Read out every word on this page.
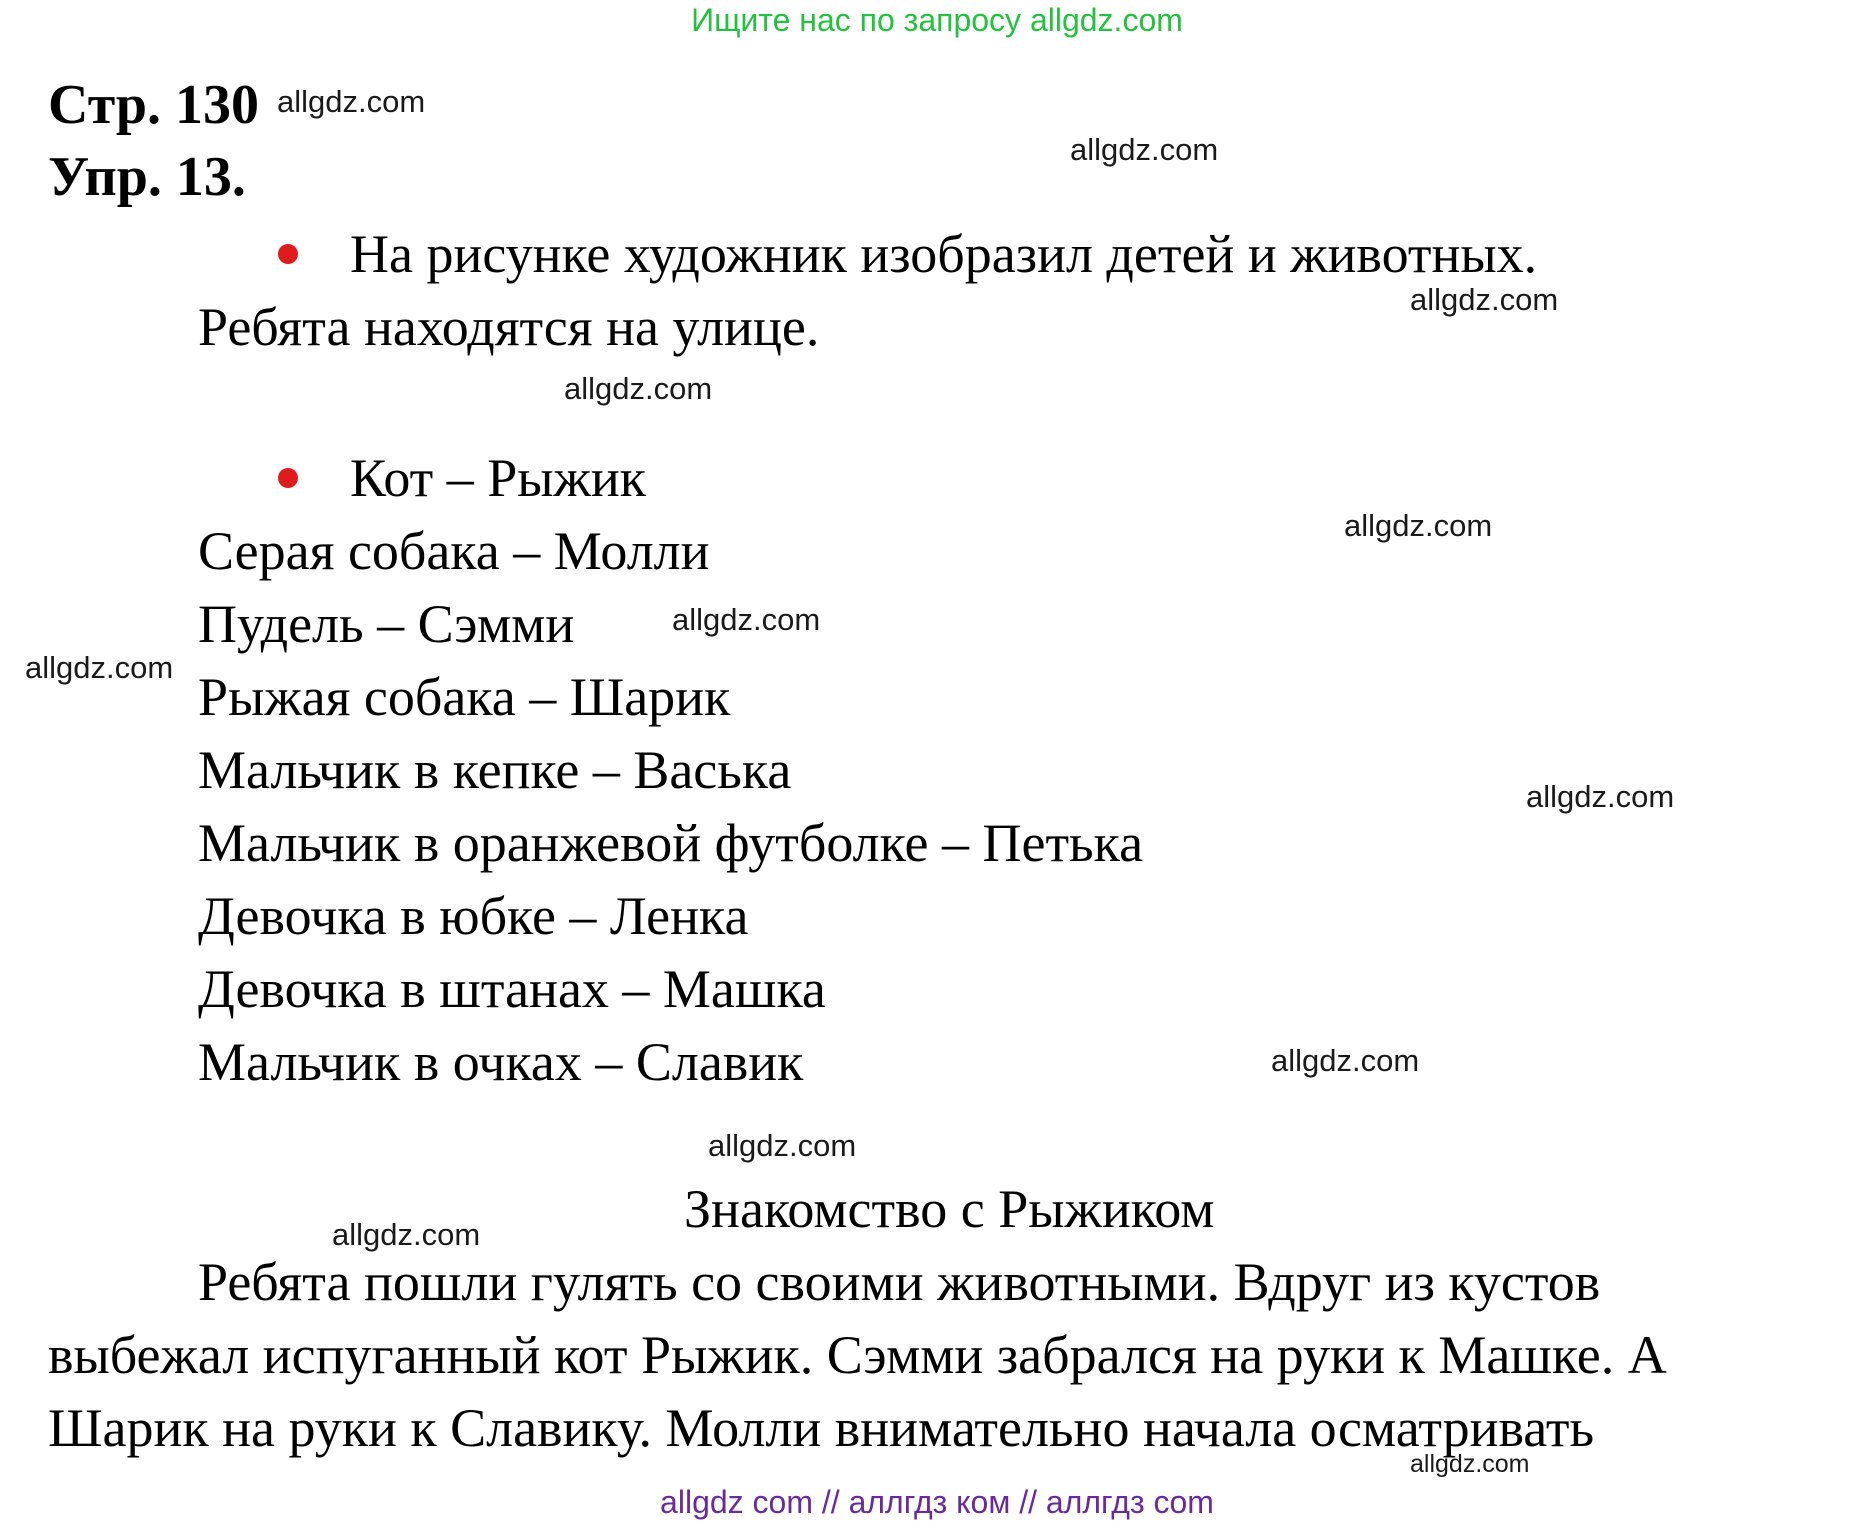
Ищите нас по запросу allgdz.com
Стр. 130 allgdz.com
Упр. 13.	allgdz.com
На рисунке художник изобразил детей и животных.
allgdz.com
Ребята находятся на улице.
allgdz.com
Кот – Рыжик
allgdz.com
Серая собака – Молли
Пудель – Сэмми	allgdz.com
allgdz.com Рыжая собака – Шарик
Мальчик в кепке – Васька	allgdz.com
Мальчик в оранжевой футболке – Петька
Девочка в юбке – Ленка
Девочка в штанах – Машка
Мальчик в очках – Славик	allgdz.com
allgdz.com
Знакомство с Рыжиком
allgdz.com
Ребята пошли гулять со своими животными. Вдруг из кустов
выбежал испуганный кот Рыжик. Сэмми забрался на руки к Машке. А
Шарик на руки к Славику. Молли внимательно начала осматривать
allgdz.com
allgdz com // аллгдз ком // аллгдз com
